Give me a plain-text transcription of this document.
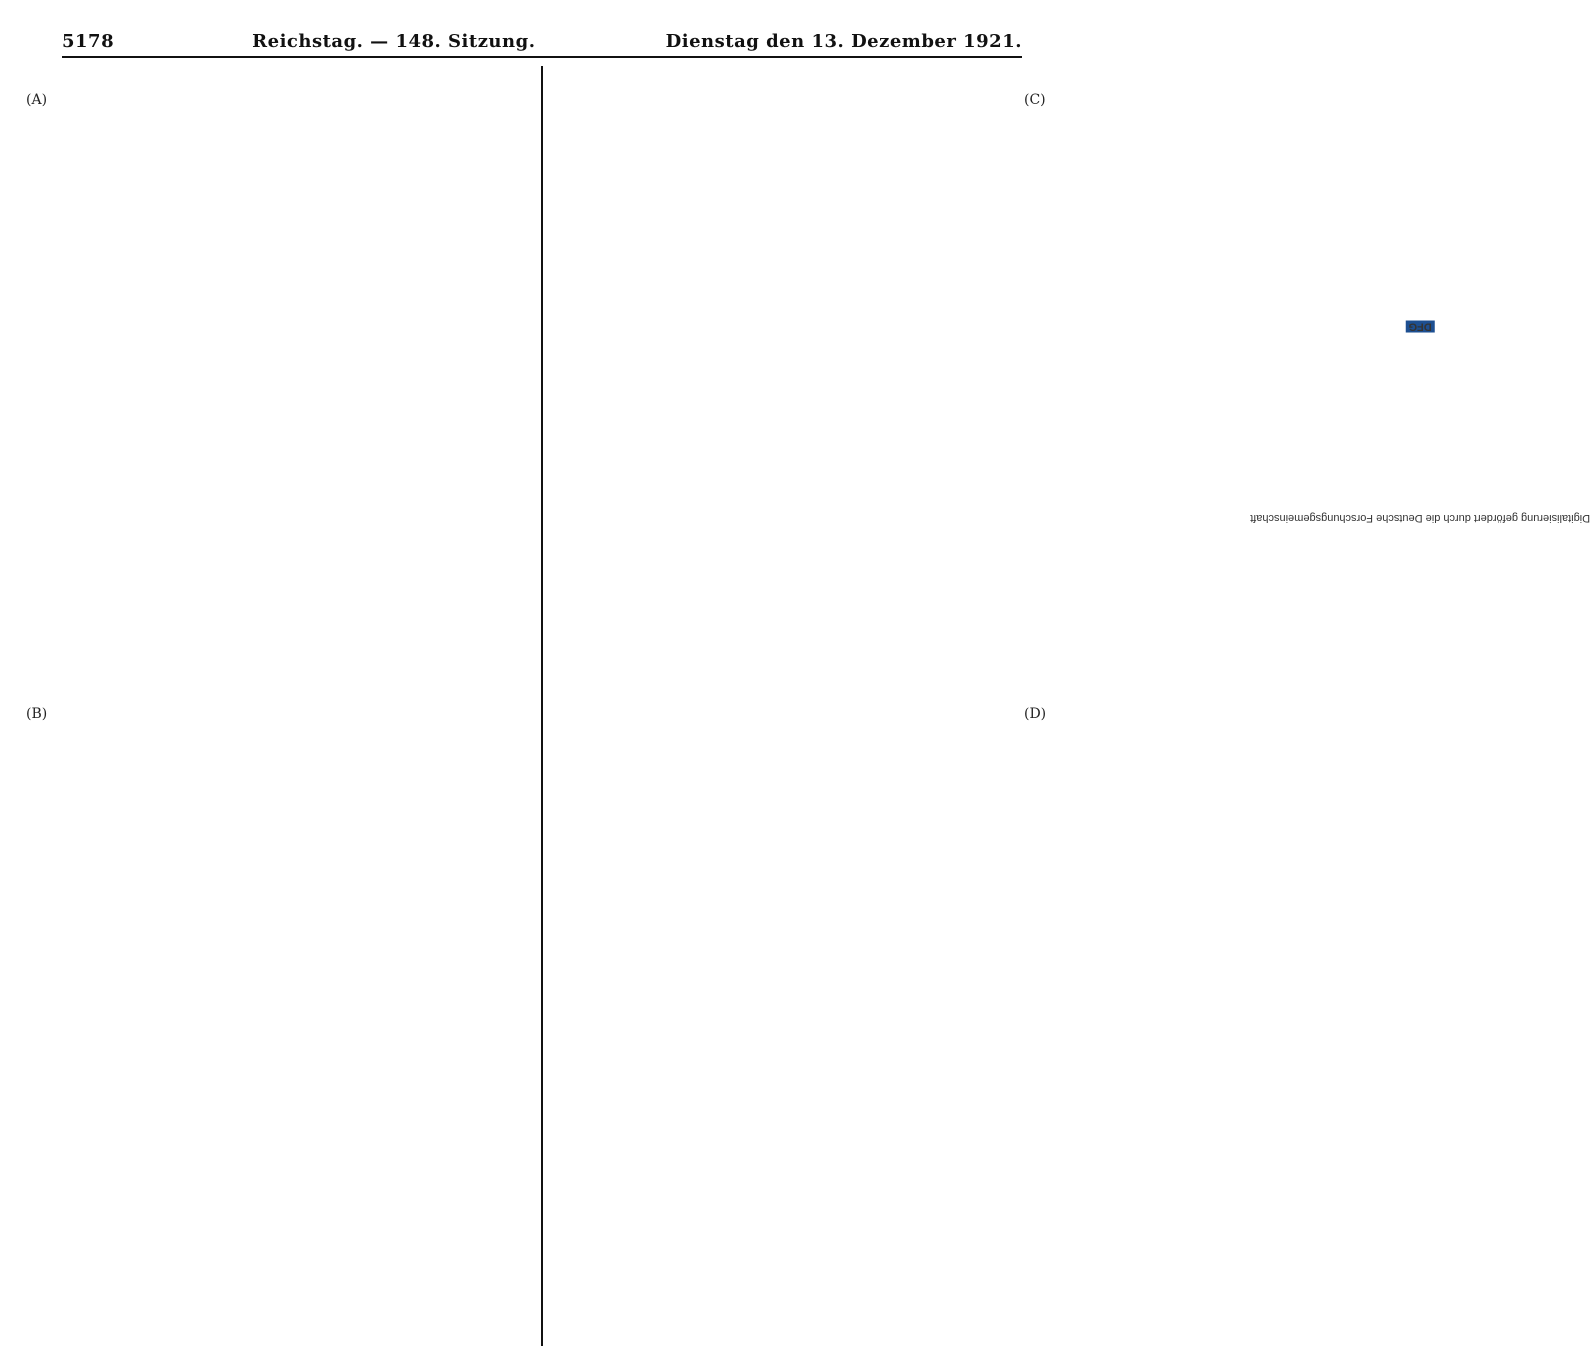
5178	Reichstag. — 148. Sitzung.	Dienstag den 13. Dezember 1921.
(A)
(B)
(C)
(D)
Digitalisierung gefördert durch die Deutsche Forschungsgemeinschaft DFG
